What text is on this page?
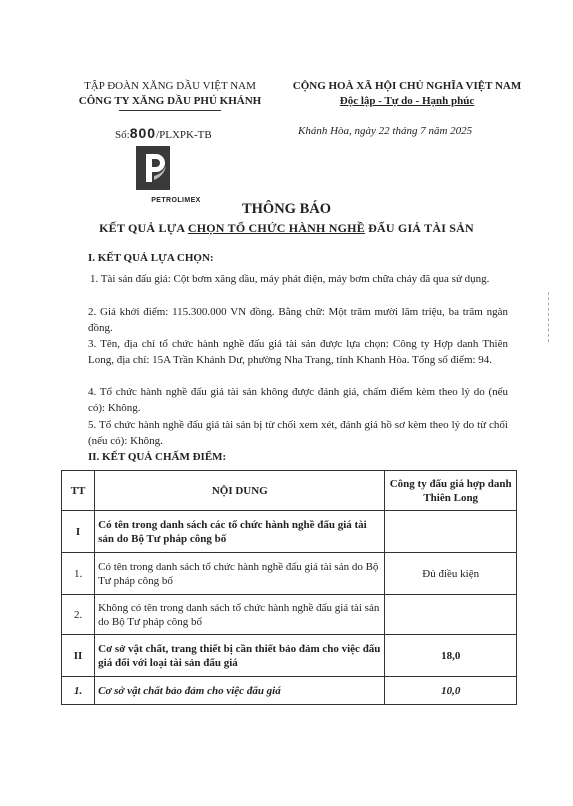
TẬP ĐOÀN XĂNG DẦU VIỆT NAM
CÔNG TY XĂNG DẦU PHÚ KHÁNH
CỘNG HOÀ XÃ HỘI CHỦ NGHĨA VIỆT NAM
Độc lập - Tự do - Hạnh phúc
Số:800/PLXPK-TB	Khánh Hòa, ngày 22 tháng 7 năm 2025
PETROLIMEX
THÔNG BÁO
KẾT QUẢ LỰA CHỌN TỔ CHỨC HÀNH NGHỀ ĐẤU GIÁ TÀI SẢN
I. KẾT QUẢ LỰA CHỌN:
1. Tài sản đấu giá: Cột bơm xăng dầu, máy phát điện, máy bơm chữa cháy đã qua sử dụng.
2. Giá khởi điểm: 115.300.000 VN đồng. Bằng chữ: Một trăm mười lăm triệu, ba trăm ngàn đồng.
3. Tên, địa chỉ tổ chức hành nghề đấu giá tài sản được lựa chọn: Công ty Hợp danh Thiên Long, địa chỉ: 15A Trần Khánh Dư, phường Nha Trang, tỉnh Khanh Hòa. Tổng số điểm: 94.
4. Tổ chức hành nghề đấu giá tài sản không được đánh giá, chấm điểm kèm theo lý do (nếu có): Không.
5. Tổ chức hành nghề đấu giá tài sản bị từ chối xem xét, đánh giá hồ sơ kèm theo lý do từ chối (nếu có): Không.
II. KẾT QUẢ CHẤM ĐIỂM:
TT	NỘI DUNG	Công ty đấu giá hợp danh Thiên Long
I	Có tên trong danh sách các tổ chức hành nghề đấu giá tài sản do Bộ Tư pháp công bố	
1.	Có tên trong danh sách tổ chức hành nghề đấu giá tài sản do Bộ Tư pháp công bố	Đủ điều kiện
2.	Không có tên trong danh sách tổ chức hành nghề đấu giá tài sản do Bộ Tư pháp công bố	
II	Cơ sở vật chất, trang thiết bị cần thiết bảo đảm cho việc đấu giá đối với loại tài sản đấu giá	18,0
1.	Cơ sở vật chất bảo đảm cho việc đấu giá	10,0
